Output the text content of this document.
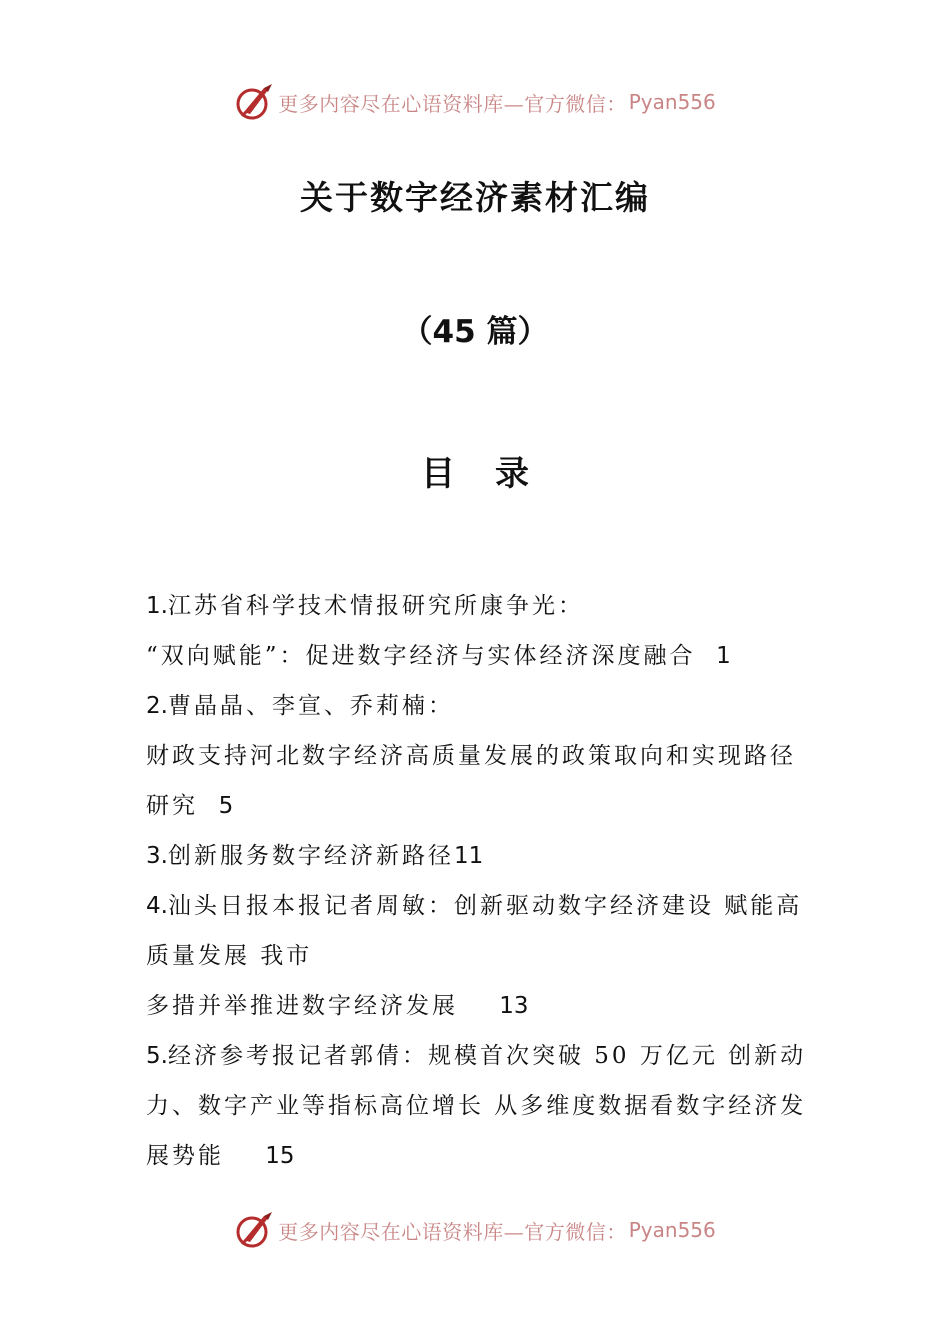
更多内容尽在心语资料库—官方微信： Pyan556
关于数字经济素材汇编
（45 篇）
目 录
1.江苏省科学技术情报研究所康争光：
“双向赋能”：促进数字经济与实体经济深度融合 1
2.曹晶晶、李宣、乔莉楠：
财政支持河北数字经济高质量发展的政策取向和实现路径
研究 5
3.创新服务数字经济新路径11
4.汕头日报本报记者周敏：创新驱动数字经济建设 赋能高
质量发展 我市
多措并举推进数字经济发展 13
5.经济参考报记者郭倩：规模首次突破 50 万亿元 创新动
力、数字产业等指标高位增长 从多维度数据看数字经济发
展势能 15
更多内容尽在心语资料库—官方微信： Pyan556
